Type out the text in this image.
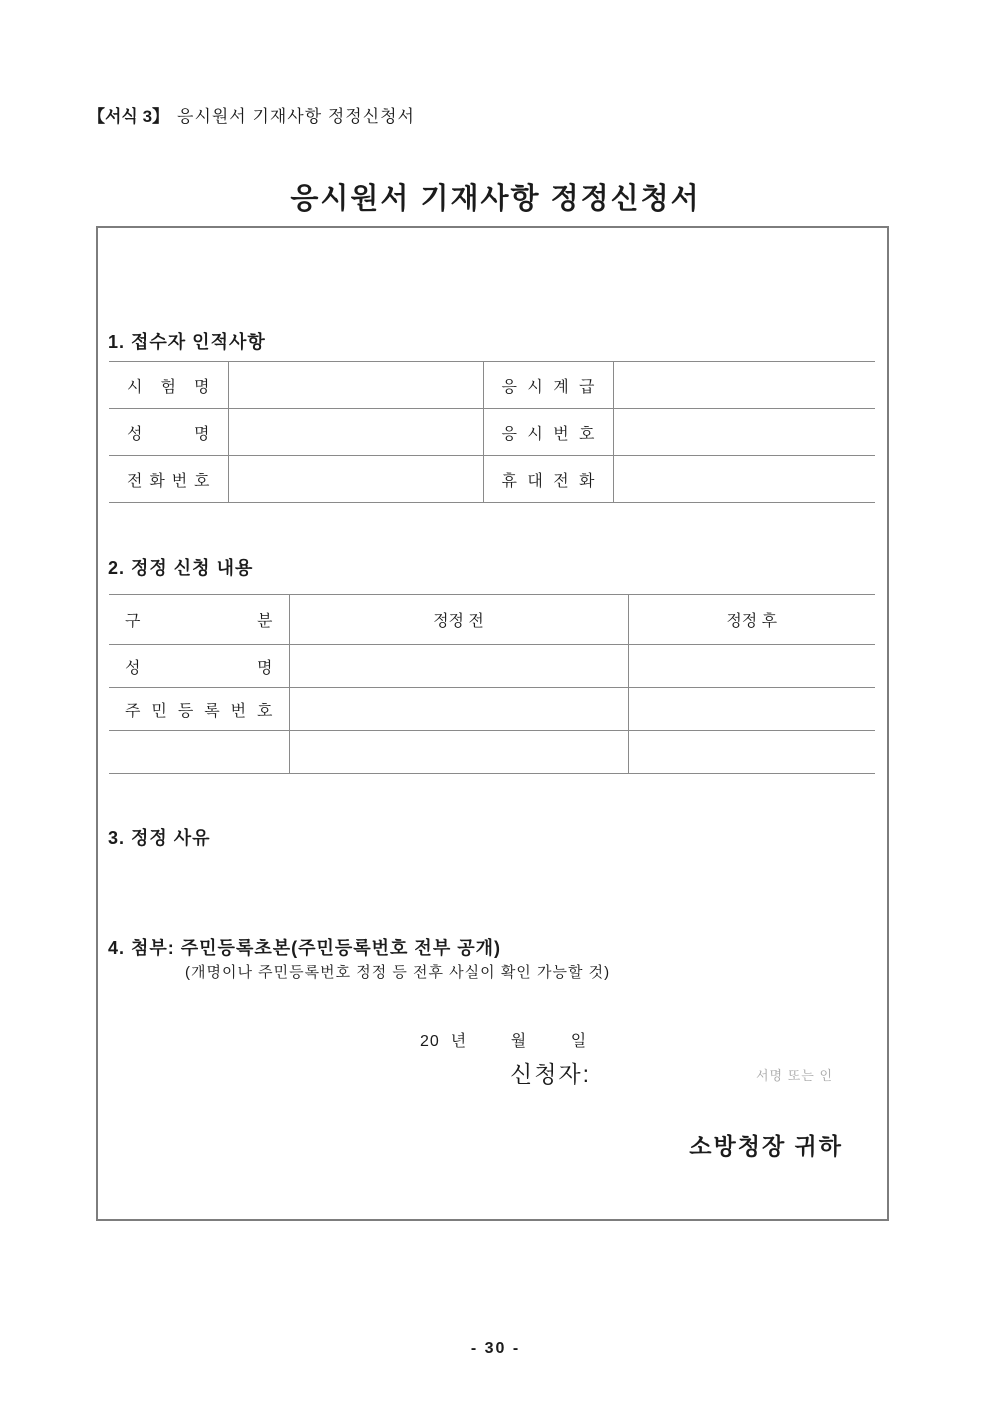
【서식 3】 응시원서 기재사항 정정신청서
응시원서 기재사항 정정신청서
1. 접수자 인적사항
시 험 명		응 시 계 급	
성 명		응 시 번 호	
전 화 번 호		휴 대 전 화	
2. 정정 신청 내용
구 분	정정 전	정정 후
성 명		
주 민 등 록 번 호		

3. 정정 사유
4. 첨부: 주민등록초본(주민등록번호 전부 공개)
(개명이나 주민등록번호 정정 등 전후 사실이 확인 가능할 것)
20  년        월        일
신청자:	서명 또는 인
소방청장 귀하
- 30 -
